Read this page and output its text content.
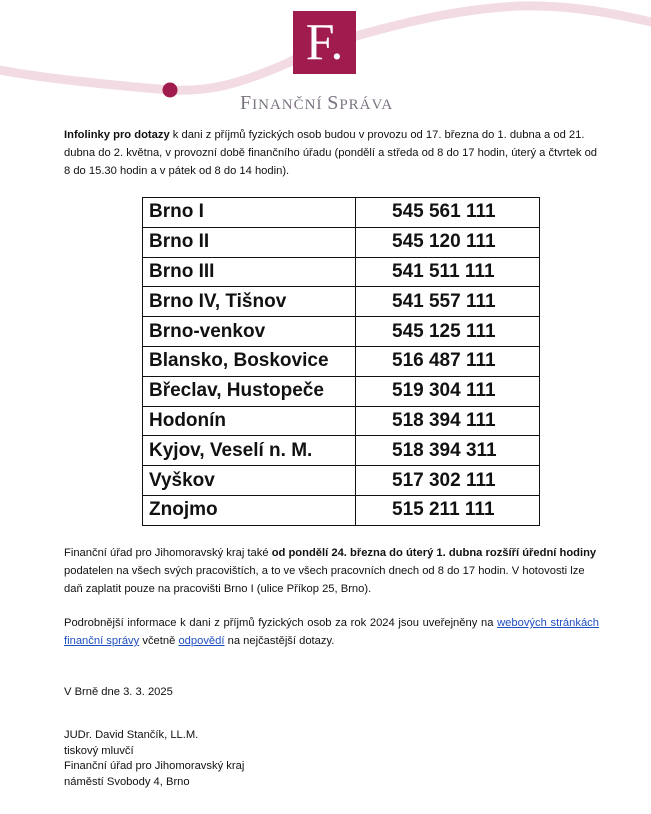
F.
FINANČNÍ SPRÁVA
Infolinky pro dotazy k dani z příjmů fyzických osob budou v provozu od 17. března do 1. dubna a od 21. dubna do 2. května, v provozní době finančního úřadu (pondělí a středa od 8 do 17 hodin, úterý a čtvrtek od 8 do 15.30 hodin a v pátek od 8 do 14 hodin).
Brno I	545 561 111
Brno II	545 120 111
Brno III	541 511 111
Brno IV, Tišnov	541 557 111
Brno-venkov	545 125 111
Blansko, Boskovice	516 487 111
Břeclav, Hustopeče	519 304 111
Hodonín	518 394 111
Kyjov, Veselí n. M.	518 394 311
Vyškov	517 302 111
Znojmo	515 211 111
Finanční úřad pro Jihomoravský kraj také od pondělí 24. března do úterý 1. dubna rozšíří úřední hodiny podatelen na všech svých pracovištích, a to ve všech pracovních dnech od 8 do 17 hodin. V hotovosti lze daň zaplatit pouze na pracovišti Brno I (ulice Příkop 25, Brno).
Podrobnější informace k dani z příjmů fyzických osob za rok 2024 jsou uveřejněny na webových stránkách finanční správy včetně odpovědí na nejčastější dotazy.
V Brně dne 3. 3. 2025
JUDr. David Stančík, LL.M.
tiskový mluvčí
Finanční úřad pro Jihomoravský kraj
náměstí Svobody 4, Brno
